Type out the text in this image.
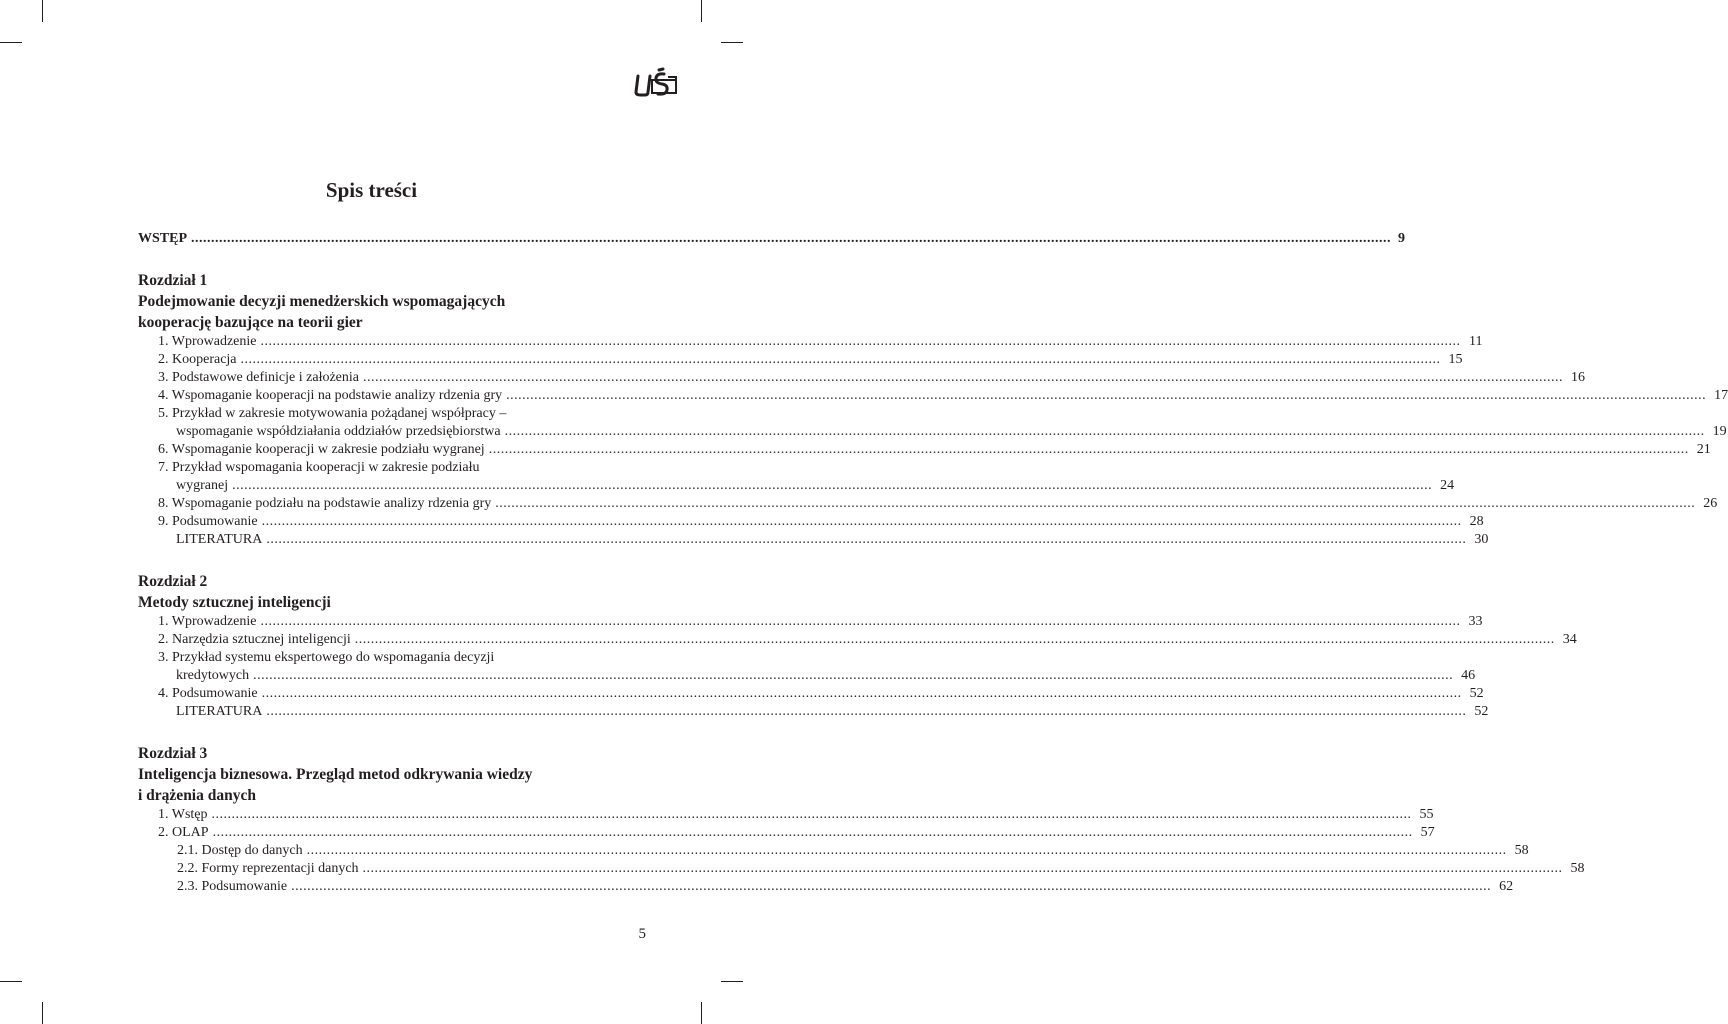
Spis treści
WSTĘP ............................................................................................................................................................................................................................................................................................................ 9
Rozdział 1
Podejmowanie decyzji menedżerskich wspomagających
kooperację bazujące na teorii gier
1. Wprowadzenie ............................................................................................................................................................................................................................................................................................................ 11
2. Kooperacja ............................................................................................................................................................................................................................................................................................................ 15
3. Podstawowe definicje i założenia ............................................................................................................................................................................................................................................................................................................ 16
4. Wspomaganie kooperacji na podstawie analizy rdzenia gry ............................................................................................................................................................................................................................................................................................................ 17
5. Przykład w zakresie motywowania pożądanej współpracy –
wspomaganie współdziałania oddziałów przedsiębiorstwa ............................................................................................................................................................................................................................................................................................................ 19
6. Wspomaganie kooperacji w zakresie podziału wygranej ............................................................................................................................................................................................................................................................................................................ 21
7. Przykład wspomagania kooperacji w zakresie podziału
wygranej ............................................................................................................................................................................................................................................................................................................ 24
8. Wspomaganie podziału na podstawie analizy rdzenia gry ............................................................................................................................................................................................................................................................................................................ 26
9. Podsumowanie ............................................................................................................................................................................................................................................................................................................ 28
LITERATURA ............................................................................................................................................................................................................................................................................................................ 30
Rozdział 2
Metody sztucznej inteligencji
1. Wprowadzenie ............................................................................................................................................................................................................................................................................................................ 33
2. Narzędzia sztucznej inteligencji ............................................................................................................................................................................................................................................................................................................ 34
3. Przykład systemu ekspertowego do wspomagania decyzji
kredytowych ............................................................................................................................................................................................................................................................................................................ 46
4. Podsumowanie ............................................................................................................................................................................................................................................................................................................ 52
LITERATURA ............................................................................................................................................................................................................................................................................................................ 52
Rozdział 3
Inteligencja biznesowa. Przegląd metod odkrywania wiedzy
i drążenia danych
1. Wstęp ............................................................................................................................................................................................................................................................................................................ 55
2. OLAP ............................................................................................................................................................................................................................................................................................................ 57
2.1. Dostęp do danych ............................................................................................................................................................................................................................................................................................................ 58
2.2. Formy reprezentacji danych ............................................................................................................................................................................................................................................................................................................ 58
2.3. Podsumowanie ............................................................................................................................................................................................................................................................................................................ 62
5
